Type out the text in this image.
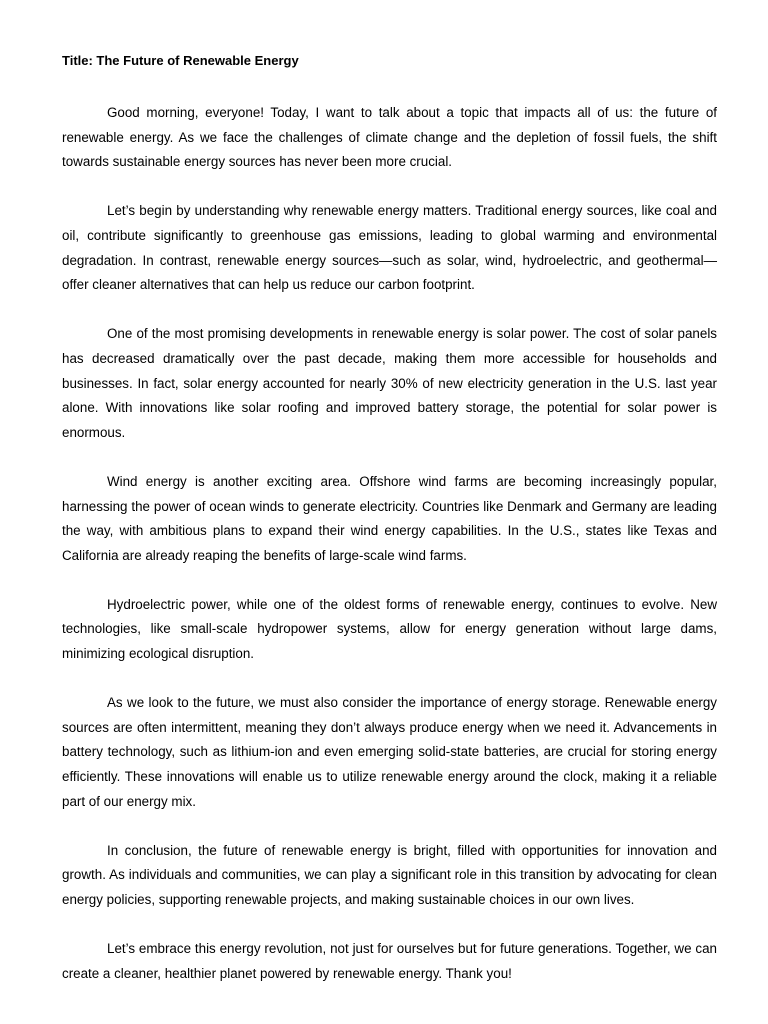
Title: The Future of Renewable Energy

Good morning, everyone! Today, I want to talk about a topic that impacts all of us: the future of renewable energy. As we face the challenges of climate change and the depletion of fossil fuels, the shift towards sustainable energy sources has never been more crucial.

Let’s begin by understanding why renewable energy matters. Traditional energy sources, like coal and oil, contribute significantly to greenhouse gas emissions, leading to global warming and environmental degradation. In contrast, renewable energy sources—such as solar, wind, hydroelectric, and geothermal—offer cleaner alternatives that can help us reduce our carbon footprint.

One of the most promising developments in renewable energy is solar power. The cost of solar panels has decreased dramatically over the past decade, making them more accessible for households and businesses. In fact, solar energy accounted for nearly 30% of new electricity generation in the U.S. last year alone. With innovations like solar roofing and improved battery storage, the potential for solar power is enormous.

Wind energy is another exciting area. Offshore wind farms are becoming increasingly popular, harnessing the power of ocean winds to generate electricity. Countries like Denmark and Germany are leading the way, with ambitious plans to expand their wind energy capabilities. In the U.S., states like Texas and California are already reaping the benefits of large-scale wind farms.

Hydroelectric power, while one of the oldest forms of renewable energy, continues to evolve. New technologies, like small-scale hydropower systems, allow for energy generation without large dams, minimizing ecological disruption.

As we look to the future, we must also consider the importance of energy storage. Renewable energy sources are often intermittent, meaning they don’t always produce energy when we need it. Advancements in battery technology, such as lithium-ion and even emerging solid-state batteries, are crucial for storing energy efficiently. These innovations will enable us to utilize renewable energy around the clock, making it a reliable part of our energy mix.

In conclusion, the future of renewable energy is bright, filled with opportunities for innovation and growth. As individuals and communities, we can play a significant role in this transition by advocating for clean energy policies, supporting renewable projects, and making sustainable choices in our own lives.

Let’s embrace this energy revolution, not just for ourselves but for future generations. Together, we can create a cleaner, healthier planet powered by renewable energy. Thank you!
